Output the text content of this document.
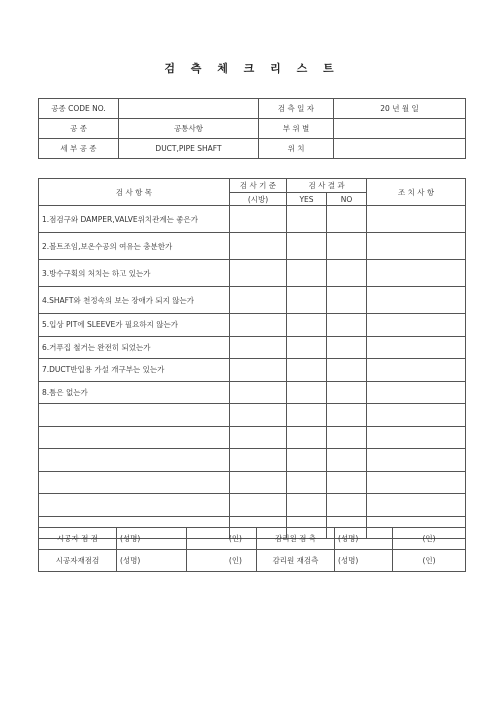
검 측 체 크 리 스 트
공종 CODE NO.		검 측 일 자	20 년 월 일
공 종	공통사항	부 위 별	
세 부 공 종	DUCT,PIPE SHAFT	위 치	
검 사 항 목	검 사 기 준	검 사 결 과		조 치 사 항
	(시방)	YES	NO	
1.점검구와 DAMPER,VALVE위치관계는 좋은가				
2.볼트조임,보온수공의 여유는 충분한가				
3.방수구획의 처치는 하고 있는가				
4.SHAFT와 천정속의 보는 장애가 되지 않는가				
5.입상 PIT에 SLEEVE가 필요하지 않는가				
6.거푸집 철거는 완전히 되었는가				
7.DUCT반입용 가설 개구부는 있는가				
8.틈은 없는가				

시공자 점 검	(성명)	(인)	감리원 검 측	(성명)	(인)
시공자재점검	(성명)	(인)	감리원 재검측	(성명)	(인)
